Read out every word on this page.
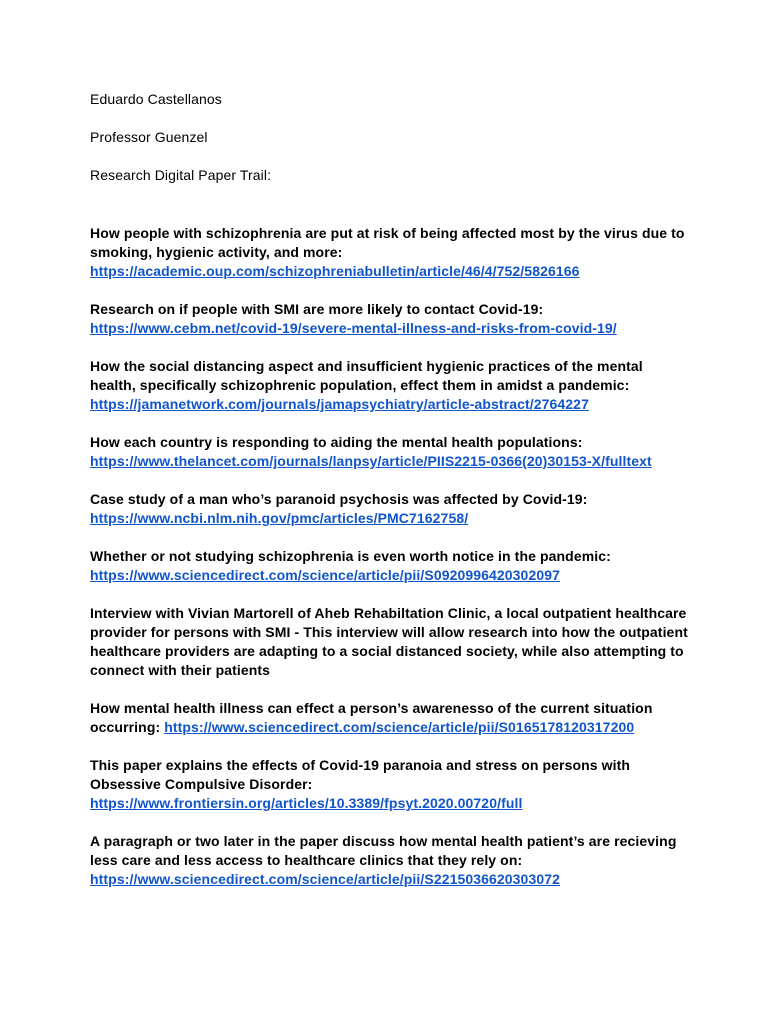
Eduardo Castellanos
Professor Guenzel
Research Digital Paper Trail:
How people with schizophrenia are put at risk of being affected most by the virus due to smoking, hygienic activity, and more:
https://academic.oup.com/schizophreniabulletin/article/46/4/752/5826166
Research on if people with SMI are more likely to contact Covid-19:
https://www.cebm.net/covid-19/severe-mental-illness-and-risks-from-covid-19/
How the social distancing aspect and insufficient hygienic practices of the mental health, specifically schizophrenic population, effect them in amidst a pandemic:
https://jamanetwork.com/journals/jamapsychiatry/article-abstract/2764227
How each country is responding to aiding the mental health populations:
https://www.thelancet.com/journals/lanpsy/article/PIIS2215-0366(20)30153-X/fulltext
Case study of a man who’s paranoid psychosis was affected by Covid-19:
https://www.ncbi.nlm.nih.gov/pmc/articles/PMC7162758/
Whether or not studying schizophrenia is even worth notice in the pandemic:
https://www.sciencedirect.com/science/article/pii/S0920996420302097
Interview with Vivian Martorell of Aheb Rehabiltation Clinic, a local outpatient healthcare provider for persons with SMI - This interview will allow research into how the outpatient healthcare providers are adapting to a social distanced society, while also attempting to connect with their patients
How mental health illness can effect a person’s awarenesso of the current situation occurring: https://www.sciencedirect.com/science/article/pii/S0165178120317200
This paper explains the effects of Covid-19 paranoia and stress on persons with Obsessive Compulsive Disorder:
https://www.frontiersin.org/articles/10.3389/fpsyt.2020.00720/full
A paragraph or two later in the paper discuss how mental health patient’s are recieving less care and less access to healthcare clinics that they rely on:
https://www.sciencedirect.com/science/article/pii/S2215036620303072
